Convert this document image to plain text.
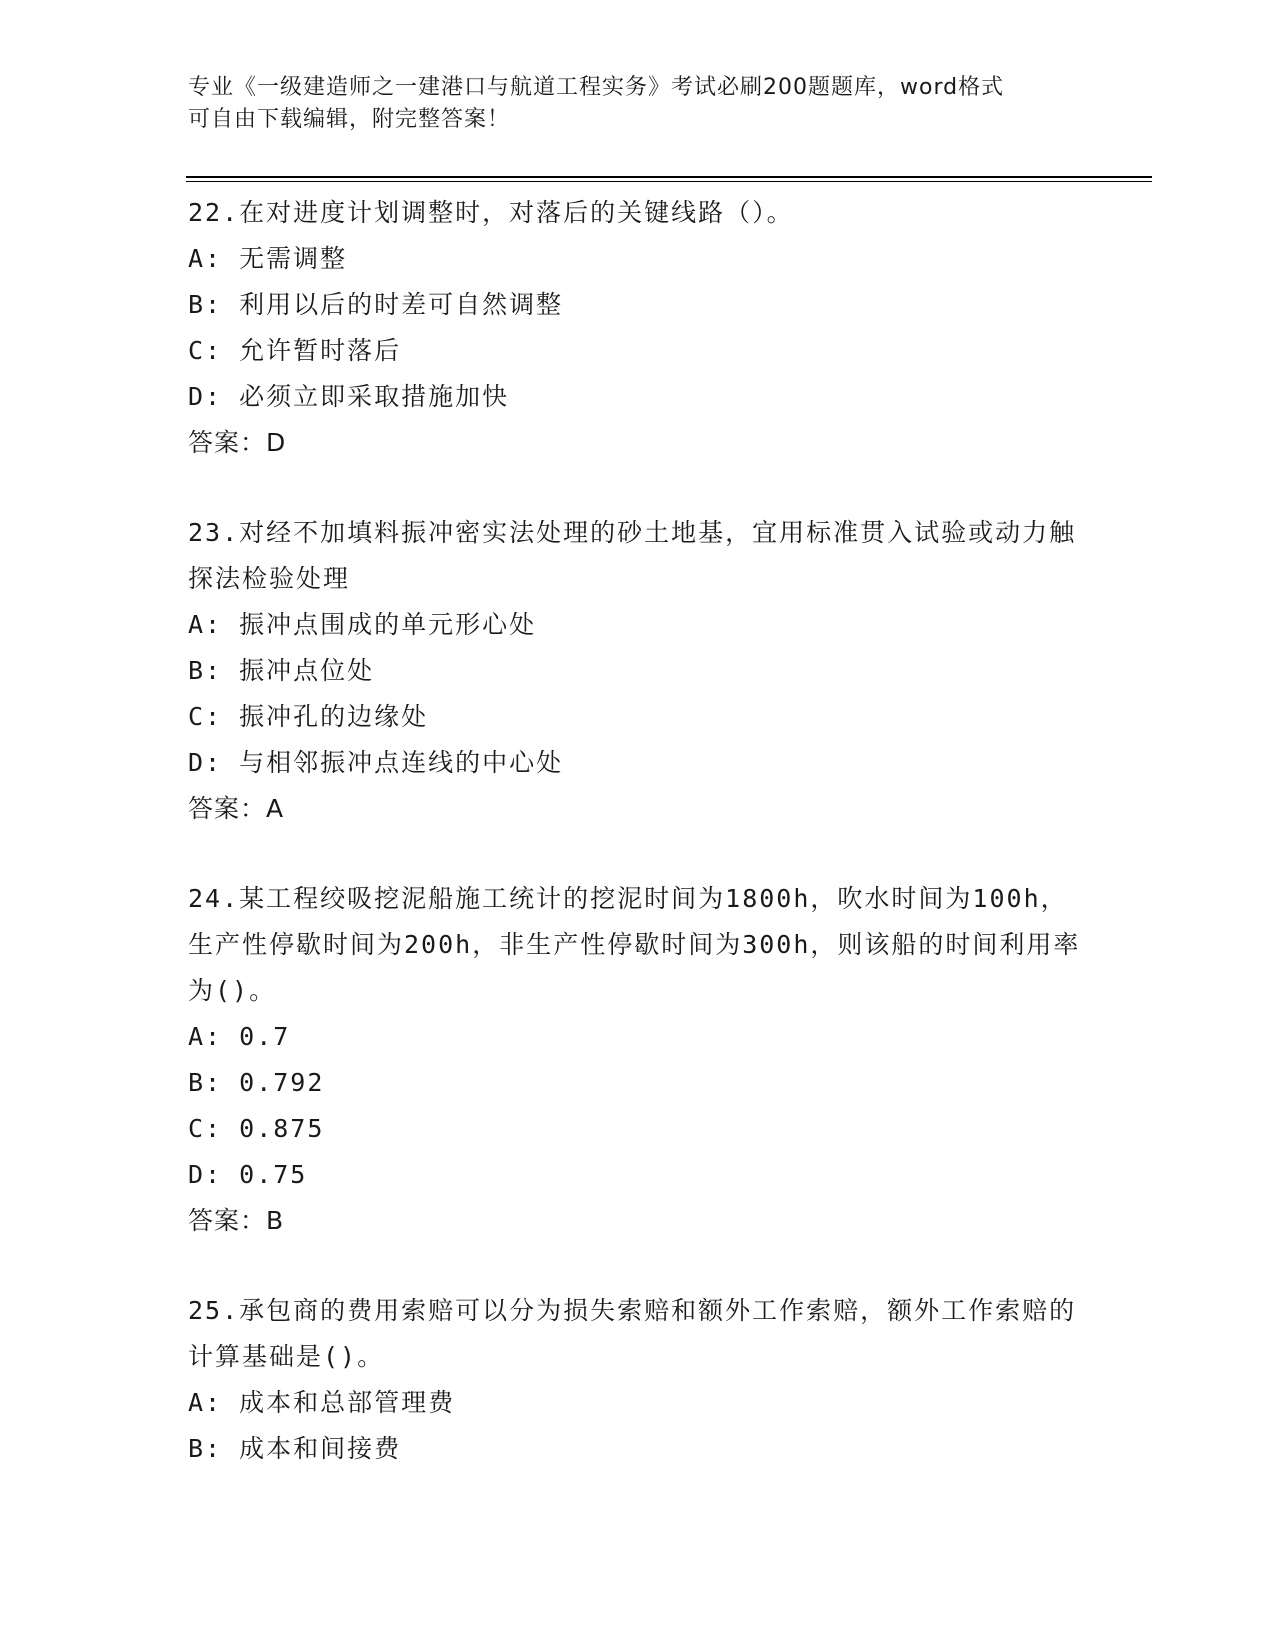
专业《一级建造师之一建港口与航道工程实务》考试必刷200题题库，word格式
可自由下载编辑，附完整答案！

22.在对进度计划调整时，对落后的关键线路（）。

A: 无需调整

B: 利用以后的时差可自然调整

C: 允许暂时落后

D: 必须立即采取措施加快

答案：D

23.对经不加填料振冲密实法处理的砂土地基，宜用标准贯入试验或动力触探法检验处理

A: 振冲点围成的单元形心处

B: 振冲点位处

C: 振冲孔的边缘处

D: 与相邻振冲点连线的中心处

答案：A

24.某工程绞吸挖泥船施工统计的挖泥时间为1800h，吹水时间为100h，生产性停歇时间为200h，非生产性停歇时间为300h，则该船的时间利用率为()。

A: 0.7

B: 0.792

C: 0.875

D: 0.75

答案：B

25.承包商的费用索赔可以分为损失索赔和额外工作索赔，额外工作索赔的计算基础是()。

A: 成本和总部管理费

B: 成本和间接费
